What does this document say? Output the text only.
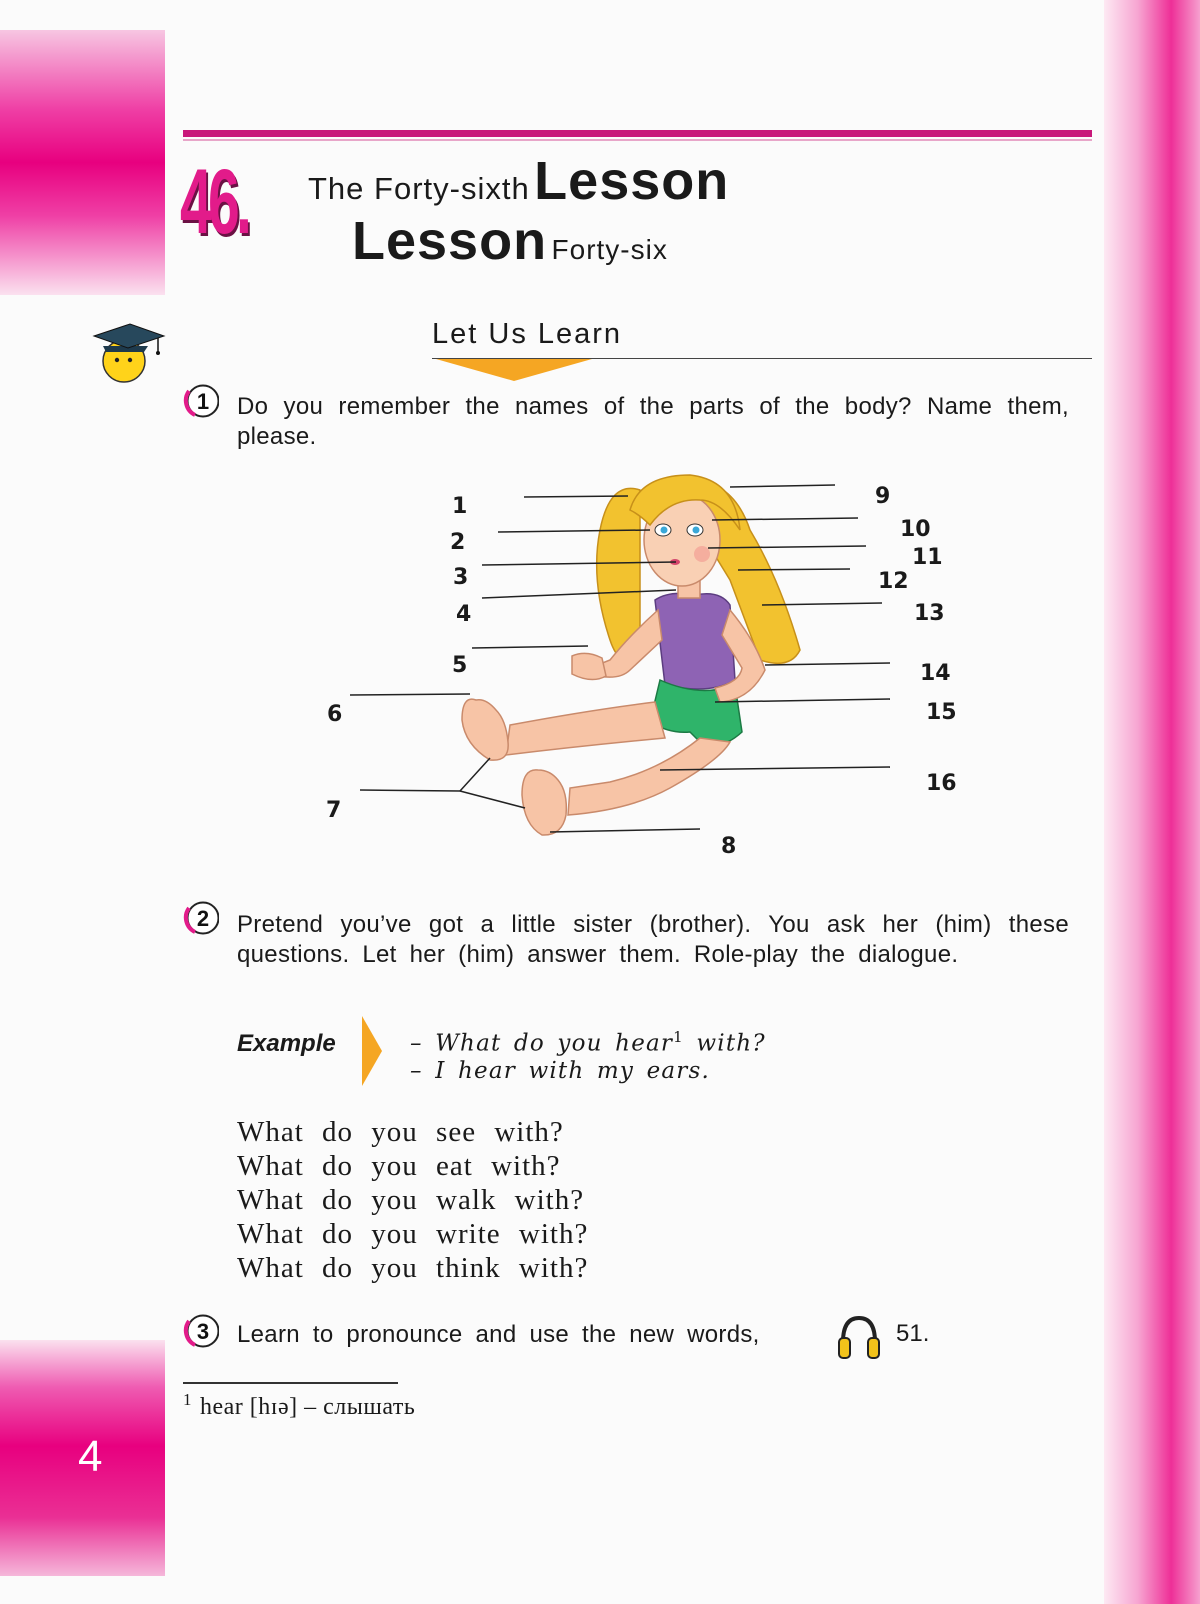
4
46. The Forty-sixth Lesson
Lesson Forty-six
Let Us Learn
1 Do you remember the names of the parts of the body? Name them, please.
1
2
3
4
5
6
7
8
9
10
11
12
13
14
15
16
2 Pretend you’ve got a little sister (brother). You ask her (him) these questions. Let her (him) answer them. Role-play the dialogue.
Example	– What do you hear$^1$ with?
– I hear with my ears.
What do you see with?
What do you eat with?
What do you walk with?
What do you write with?
What do you think with?
3 Learn to pronounce and use the new words,	51.
$^1$ hear [hɪə] – слышать
